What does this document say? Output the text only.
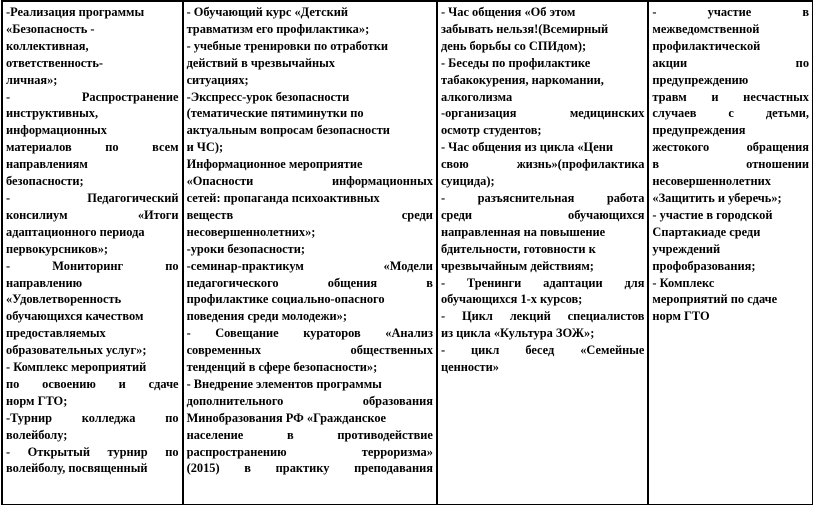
-Реализация программы
«Безопасность -
коллективная,
ответственность-
личная»;
- Распространение
инструктивных,
информационных
материалов по всем
направлениям
безопасности;
- Педагогический
консилиум «Итоги
адаптационного периода
первокурсников»;
- Мониторинг по
направлению
«Удовлетворенность
обучающихся качеством
предоставляемых
образовательных услуг»;
- Комплекс мероприятий
по освоению и сдаче
норм ГТО;
-Турнир колледжа по
волейболу;
- Открытый турнир по
волейболу, посвященный
- Обучающий курс «Детский
травматизм его профилактика»;
- учебные тренировки по отработки
действий в чрезвычайных
ситуациях;
-Экспресс-урок безопасности
(тематические пятиминутки по
актуальным вопросам безопасности
и ЧС);
Информационное мероприятие
«Опасности информационных
сетей: пропаганда психоактивных
веществ среди
несовершеннолетних»;
-уроки безопасности;
-семинар-практикум «Модели
педагогического общения в
профилактике социально-опасного
поведения среди молодежи»;
- Совещание кураторов «Анализ
современных общественных
тенденций в сфере безопасности»;
- Внедрение элементов программы
дополнительного образования
Минобразования РФ «Гражданское
население в противодействие
распространению терроризма»
(2015) в практику преподавания
- Час общения «Об этом
забывать нельзя!(Всемирный
день борьбы со СПИдом);
- Беседы по профилактике
табакокурения, наркомании,
алкоголизма
-организация медицинских
осмотр студентов;
- Час общения из цикла «Цени
свою жизнь»(профилактика
суицида);
- разъяснительная работа
среди обучающихся
направленная на повышение
бдительности, готовности к
чрезвычайным действиям;
- Тренинги адаптации для
обучающихся 1-х курсов;
- Цикл лекций специалистов
из цикла «Культура ЗОЖ»;
- цикл бесед «Семейные
ценности»
- участие в
межведомственной
профилактической
акции по
предупреждению
травм и несчастных
случаев с детьми,
предупреждения
жестокого обращения
в отношении
несовершеннолетних
«Защитить и уберечь»;
- участие в городской
Спартакиаде среди
учреждений
профобразования;
- Комплекс
мероприятий по сдаче
норм ГТО
